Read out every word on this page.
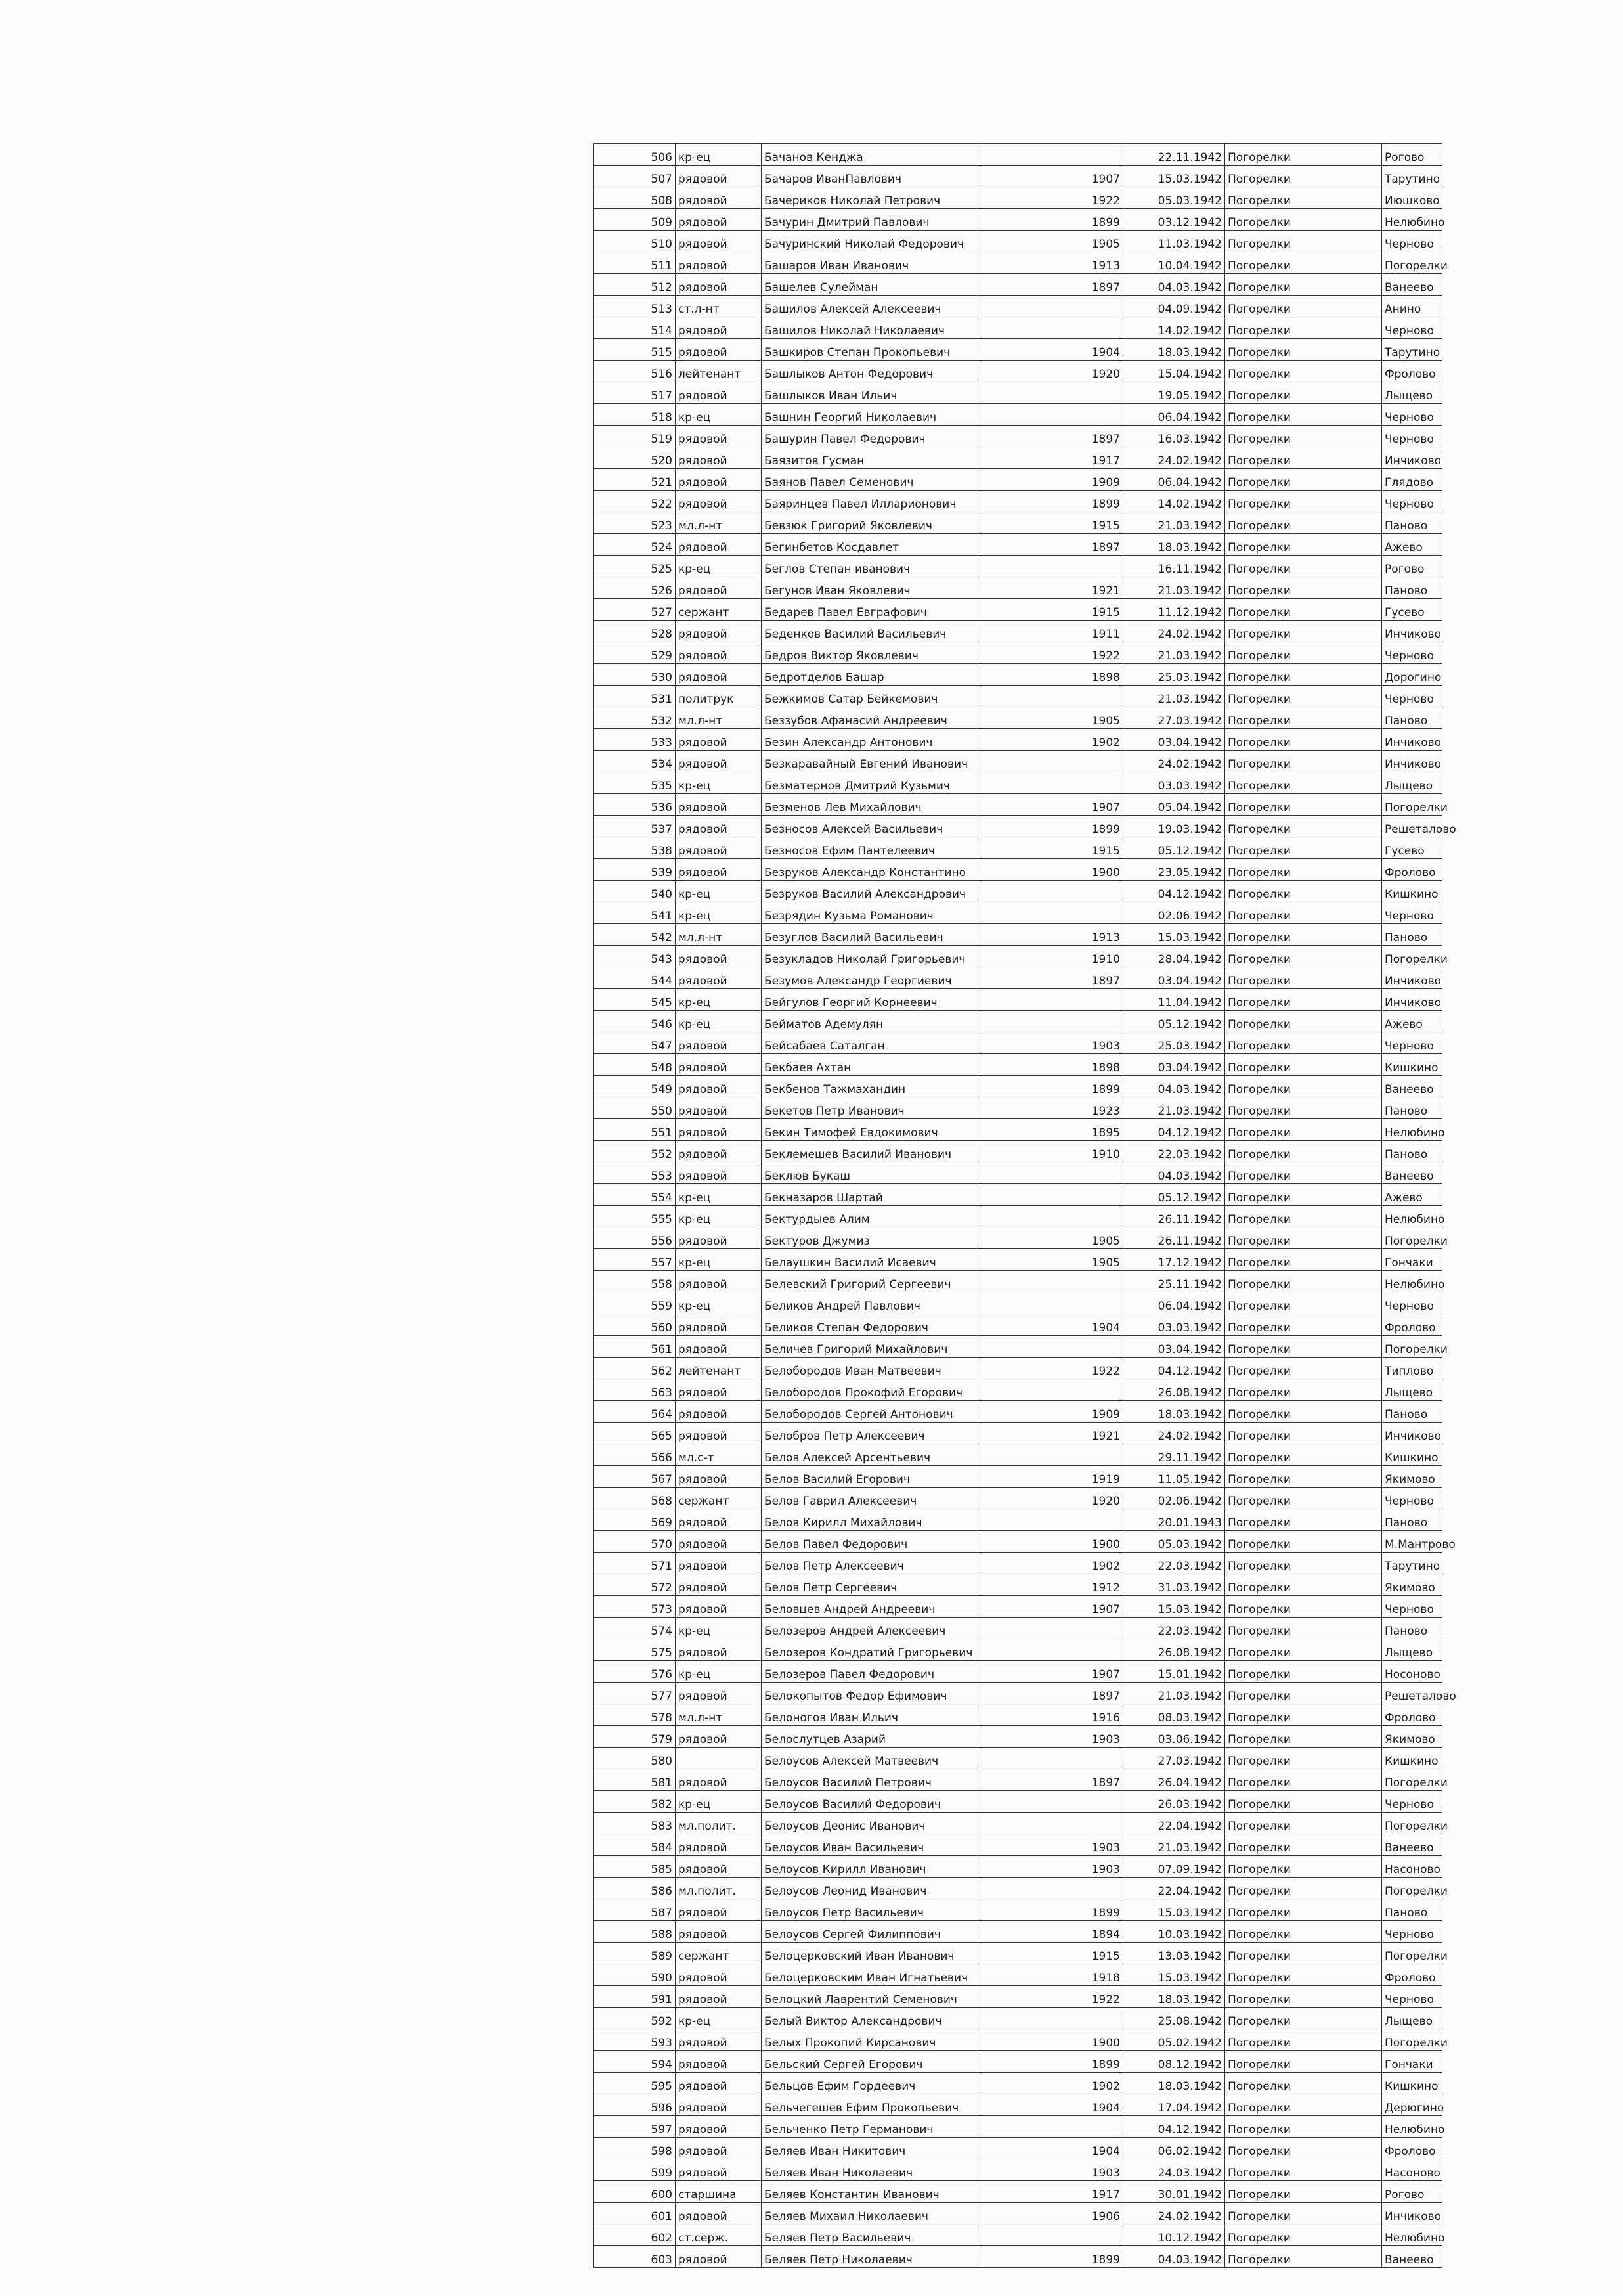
506	кр-ец	Бачанов Кенджа		22.11.1942	Погорелки	Рогово
507	рядовой	Бачаров ИванПавлович	1907	15.03.1942	Погорелки	Тарутино
508	рядовой	Бачериков Николай Петрович	1922	05.03.1942	Погорелки	Июшково
509	рядовой	Бачурин Дмитрий Павлович	1899	03.12.1942	Погорелки	Нелюбино
510	рядовой	Бачуринский Николай Федорович	1905	11.03.1942	Погорелки	Черново
511	рядовой	Башаров Иван Иванович	1913	10.04.1942	Погорелки	Погорелки
512	рядовой	Башелев Сулейман	1897	04.03.1942	Погорелки	Ванеево
513	ст.л-нт	Башилов Алексей Алексеевич		04.09.1942	Погорелки	Анино
514	рядовой	Башилов Николай Николаевич		14.02.1942	Погорелки	Черново
515	рядовой	Башкиров Степан Прокопьевич	1904	18.03.1942	Погорелки	Тарутино
516	лейтенант	Башлыков Антон Федорович	1920	15.04.1942	Погорелки	Фролово
517	рядовой	Башлыков Иван Ильич		19.05.1942	Погорелки	Лыщево
518	кр-ец	Башнин Георгий Николаевич		06.04.1942	Погорелки	Черново
519	рядовой	Башурин Павел Федорович	1897	16.03.1942	Погорелки	Черново
520	рядовой	Баязитов Гусман	1917	24.02.1942	Погорелки	Инчиково
521	рядовой	Баянов Павел Семенович	1909	06.04.1942	Погорелки	Глядово
522	рядовой	Баяринцев Павел Илларионович	1899	14.02.1942	Погорелки	Черново
523	мл.л-нт	Бевзюк Григорий Яковлевич	1915	21.03.1942	Погорелки	Паново
524	рядовой	Бегинбетов Косдавлет	1897	18.03.1942	Погорелки	Ажево
525	кр-ец	Беглов Степан иванович		16.11.1942	Погорелки	Рогово
526	рядовой	Бегунов Иван Яковлевич	1921	21.03.1942	Погорелки	Паново
527	сержант	Бедарев Павел Евграфович	1915	11.12.1942	Погорелки	Гусево
528	рядовой	Беденков Василий Васильевич	1911	24.02.1942	Погорелки	Инчиково
529	рядовой	Бедров Виктор Яковлевич	1922	21.03.1942	Погорелки	Черново
530	рядовой	Бедротделов Башар	1898	25.03.1942	Погорелки	Дорогино
531	политрук	Бежкимов Сатар Бейкемович		21.03.1942	Погорелки	Черново
532	мл.л-нт	Беззубов Афанасий Андреевич	1905	27.03.1942	Погорелки	Паново
533	рядовой	Безин Александр Антонович	1902	03.04.1942	Погорелки	Инчиково
534	рядовой	Безкаравайный Евгений Иванович		24.02.1942	Погорелки	Инчиково
535	кр-ец	Безматернов Дмитрий Кузьмич		03.03.1942	Погорелки	Лыщево
536	рядовой	Безменов Лев Михайлович	1907	05.04.1942	Погорелки	Погорелки
537	рядовой	Безносов Алексей Васильевич	1899	19.03.1942	Погорелки	Решеталово
538	рядовой	Безносов Ефим Пантелеевич	1915	05.12.1942	Погорелки	Гусево
539	рядовой	Безруков Александр Константино	1900	23.05.1942	Погорелки	Фролово
540	кр-ец	Безруков Василий Александрович		04.12.1942	Погорелки	Кишкино
541	кр-ец	Безрядин Кузьма Романович		02.06.1942	Погорелки	Черново
542	мл.л-нт	Безуглов Василий Васильевич	1913	15.03.1942	Погорелки	Паново
543	рядовой	Безукладов Николай Григорьевич	1910	28.04.1942	Погорелки	Погорелки
544	рядовой	Безумов Александр Георгиевич	1897	03.04.1942	Погорелки	Инчиково
545	кр-ец	Бейгулов Георгий Корнеевич		11.04.1942	Погорелки	Инчиково
546	кр-ец	Бейматов Адемулян		05.12.1942	Погорелки	Ажево
547	рядовой	Бейсабаев Саталган	1903	25.03.1942	Погорелки	Черново
548	рядовой	Бекбаев Ахтан	1898	03.04.1942	Погорелки	Кишкино
549	рядовой	Бекбенов Тажмахандин	1899	04.03.1942	Погорелки	Ванеево
550	рядовой	Бекетов Петр Иванович	1923	21.03.1942	Погорелки	Паново
551	рядовой	Бекин Тимофей Евдокимович	1895	04.12.1942	Погорелки	Нелюбино
552	рядовой	Беклемешев Василий Иванович	1910	22.03.1942	Погорелки	Паново
553	рядовой	Беклюв Букаш		04.03.1942	Погорелки	Ванеево
554	кр-ец	Бекназаров Шартай		05.12.1942	Погорелки	Ажево
555	кр-ец	Бектурдыев Алим		26.11.1942	Погорелки	Нелюбино
556	рядовой	Бектуров Джумиз	1905	26.11.1942	Погорелки	Погорелки
557	кр-ец	Белаушкин Василий Исаевич	1905	17.12.1942	Погорелки	Гончаки
558	рядовой	Белевский Григорий Сергеевич		25.11.1942	Погорелки	Нелюбино
559	кр-ец	Беликов Андрей Павлович		06.04.1942	Погорелки	Черново
560	рядовой	Беликов Степан Федорович	1904	03.03.1942	Погорелки	Фролово
561	рядовой	Беличев Григорий Михайлович		03.04.1942	Погорелки	Погорелки
562	лейтенант	Белобородов Иван Матвеевич	1922	04.12.1942	Погорелки	Типлово
563	рядовой	Белобородов Прокофий Егорович		26.08.1942	Погорелки	Лыщево
564	рядовой	Белобородов Сергей Антонович	1909	18.03.1942	Погорелки	Паново
565	рядовой	Белобров Петр Алексеевич	1921	24.02.1942	Погорелки	Инчиково
566	мл.с-т	Белов Алексей Арсентьевич		29.11.1942	Погорелки	Кишкино
567	рядовой	Белов Василий Егорович	1919	11.05.1942	Погорелки	Якимово
568	сержант	Белов Гаврил Алексеевич	1920	02.06.1942	Погорелки	Черново
569	рядовой	Белов Кирилл Михайлович		20.01.1943	Погорелки	Паново
570	рядовой	Белов Павел Федорович	1900	05.03.1942	Погорелки	М.Мантрово
571	рядовой	Белов Петр Алексеевич	1902	22.03.1942	Погорелки	Тарутино
572	рядовой	Белов Петр Сергеевич	1912	31.03.1942	Погорелки	Якимово
573	рядовой	Беловцев Андрей Андреевич	1907	15.03.1942	Погорелки	Черново
574	кр-ец	Белозеров Андрей Алексеевич		22.03.1942	Погорелки	Паново
575	рядовой	Белозеров Кондратий Григорьевич		26.08.1942	Погорелки	Лыщево
576	кр-ец	Белозеров Павел Федорович	1907	15.01.1942	Погорелки	Носоново
577	рядовой	Белокопытов Федор Ефимович	1897	21.03.1942	Погорелки	Решеталово
578	мл.л-нт	Белоногов Иван Ильич	1916	08.03.1942	Погорелки	Фролово
579	рядовой	Белослутцев Азарий	1903	03.06.1942	Погорелки	Якимово
580		Белоусов Алексей Матвеевич		27.03.1942	Погорелки	Кишкино
581	рядовой	Белоусов Василий Петрович	1897	26.04.1942	Погорелки	Погорелки
582	кр-ец	Белоусов Василий Федорович		26.03.1942	Погорелки	Черново
583	мл.полит.	Белоусов Деонис Иванович		22.04.1942	Погорелки	Погорелки
584	рядовой	Белоусов Иван Васильевич	1903	21.03.1942	Погорелки	Ванеево
585	рядовой	Белоусов Кирилл Иванович	1903	07.09.1942	Погорелки	Насоново
586	мл.полит.	Белоусов Леонид Иванович		22.04.1942	Погорелки	Погорелки
587	рядовой	Белоусов Петр Васильевич	1899	15.03.1942	Погорелки	Паново
588	рядовой	Белоусов Сергей Филиппович	1894	10.03.1942	Погорелки	Черново
589	сержант	Белоцерковский Иван Иванович	1915	13.03.1942	Погорелки	Погорелки
590	рядовой	Белоцерковским Иван Игнатьевич	1918	15.03.1942	Погорелки	Фролово
591	рядовой	Белоцкий Лаврентий Семенович	1922	18.03.1942	Погорелки	Черново
592	кр-ец	Белый Виктор Александрович		25.08.1942	Погорелки	Лыщево
593	рядовой	Белых Прокопий Кирсанович	1900	05.02.1942	Погорелки	Погорелки
594	рядовой	Бельский Сергей Егорович	1899	08.12.1942	Погорелки	Гончаки
595	рядовой	Бельцов Ефим Гордеевич	1902	18.03.1942	Погорелки	Кишкино
596	рядовой	Бельчегешев Ефим Прокопьевич	1904	17.04.1942	Погорелки	Дерюгино
597	рядовой	Бельченко Петр Германович		04.12.1942	Погорелки	Нелюбино
598	рядовой	Беляев Иван Никитович	1904	06.02.1942	Погорелки	Фролово
599	рядовой	Беляев Иван Николаевич	1903	24.03.1942	Погорелки	Насоново
600	старшина	Беляев Константин Иванович	1917	30.01.1942	Погорелки	Рогово
601	рядовой	Беляев Михаил Николаевич	1906	24.02.1942	Погорелки	Инчиково
602	ст.серж.	Беляев Петр Васильевич		10.12.1942	Погорелки	Нелюбино
603	рядовой	Беляев Петр Николаевич	1899	04.03.1942	Погорелки	Ванеево
